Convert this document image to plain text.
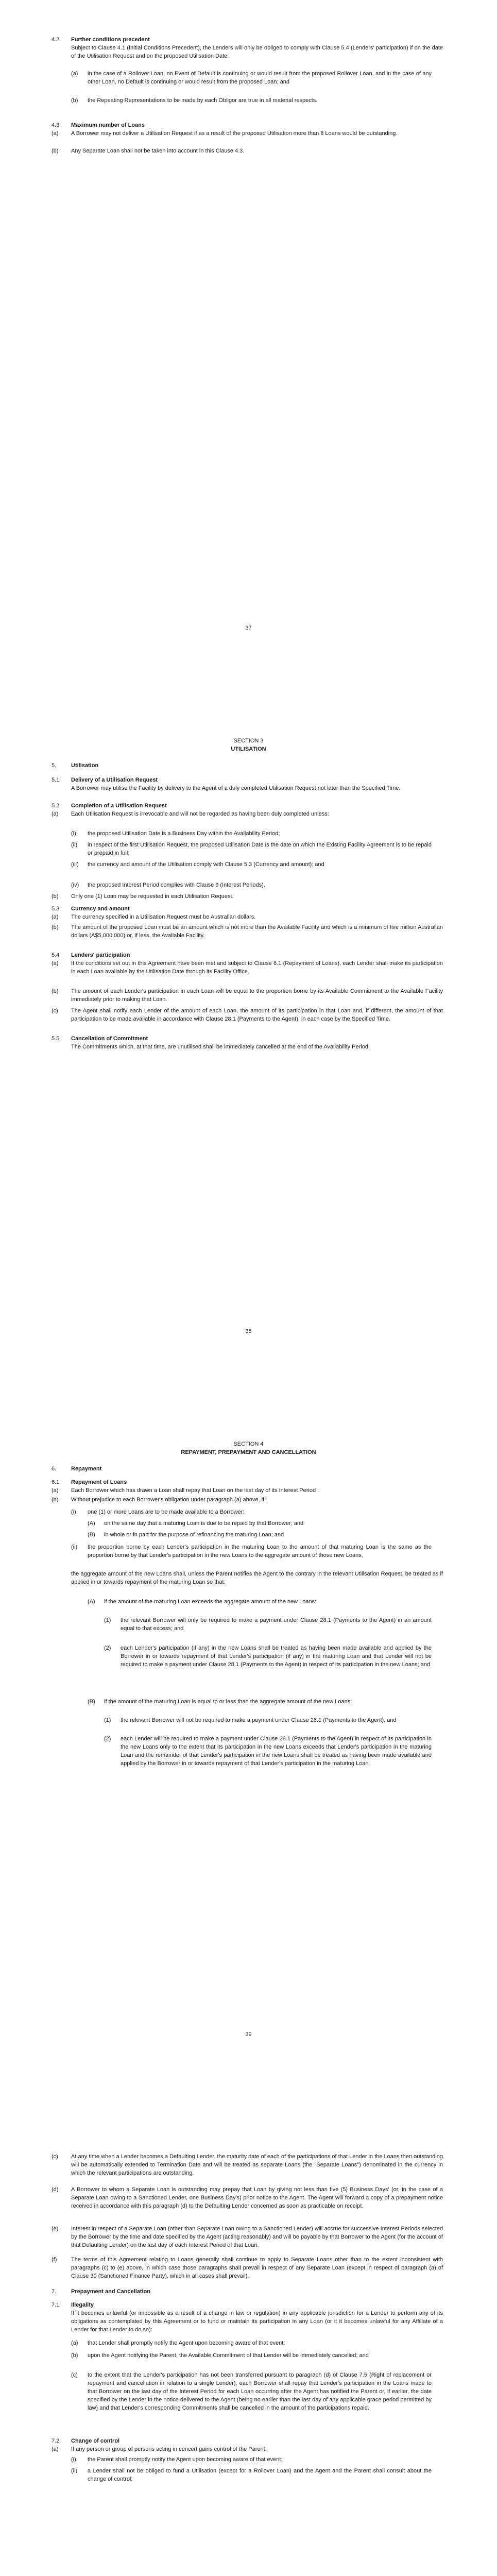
4.2	Further conditions precedent
Subject to Clause 4.1 (Initial Conditions Precedent), the Lenders will only be obliged to comply with Clause 5.4 (Lenders' participation) if on the date of the Utilisation Request and on the proposed Utilisation Date:
(a)	in the case of a Rollover Loan, no Event of Default is continuing or would result from the proposed Rollover Loan, and in the case of any other Loan, no Default is continuing or would result from the proposed Loan; and
(b)	the Repeating Representations to be made by each Obligor are true in all material respects.
4.3	Maximum number of Loans
(a)	A Borrower may not deliver a Utilisation Request if as a result of the proposed Utilisation more than 8 Loans would be outstanding.
(b)	Any Separate Loan shall not be taken into account in this Clause 4.3.
37
SECTION 3
UTILISATION
5.	Utilisation
5.1	Delivery of a Utilisation Request
A Borrower may utilise the Facility by delivery to the Agent of a duly completed Utilisation Request not later than the Specified Time.
5.2	Completion of a Utilisation Request
(a)	Each Utilisation Request is irrevocable and will not be regarded as having been duly completed unless:
(i)	the proposed Utilisation Date is a Business Day within the Availability Period;
(ii)	in respect of the first Utilisation Request, the proposed Utilisation Date is the date on which the Existing Facility Agreement is to be repaid or prepaid in full;
(iii)	the currency and amount of the Utilisation comply with Clause 5.3 (Currency and amount); and
(iv)	the proposed Interest Period complies with Clause 9 (Interest Periods).
(b)	Only one (1) Loan may be requested in each Utilisation Request.
5.3	Currency and amount
(a)	The currency specified in a Utilisation Request must be Australian dollars.
(b)	The amount of the proposed Loan must be an amount which is not more than the Available Facility and which is a minimum of five million Australian dollars (A$5,000,000) or, if less, the Available Facility.
5.4	Lenders' participation
(a)	If the conditions set out in this Agreement have been met and subject to Clause 6.1 (Repayment of Loans), each Lender shall make its participation in each Loan available by the Utilisation Date through its Facility Office.
(b)	The amount of each Lender's participation in each Loan will be equal to the proportion borne by its Available Commitment to the Available Facility immediately prior to making that Loan.
(c)	The Agent shall notify each Lender of the amount of each Loan, the amount of its participation in that Loan and, if different, the amount of that participation to be made available in accordance with Clause 28.1 (Payments to the Agent), in each case by the Specified Time.
5.5	Cancellation of Commitment
The Commitments which, at that time, are unutilised shall be immediately cancelled at the end of the Availability Period.
38
SECTION 4
REPAYMENT, PREPAYMENT AND CANCELLATION
6.	Repayment
6.1	Repayment of Loans
(a)	Each Borrower which has drawn a Loan shall repay that Loan on the last day of its Interest Period .
(b)	Without prejudice to each Borrower's obligation under paragraph (a) above, if:
(i)	one (1) or more Loans are to be made available to a Borrower:
(A)	on the same day that a maturing Loan is due to be repaid by that Borrower; and
(B)	in whole or in part for the purpose of refinancing the maturing Loan; and
(ii)	the proportion borne by each Lender's participation in the maturing Loan to the amount of that maturing Loan is the same as the proportion borne by that Lender's participation in the new Loans to the aggregate amount of those new Loans,
the aggregate amount of the new Loans shall, unless the Parent notifies the Agent to the contrary in the relevant Utilisation Request, be treated as if applied in or towards repayment of the maturing Loan so that:
(A)	if the amount of the maturing Loan exceeds the aggregate amount of the new Loans:
(1)	the relevant Borrower will only be required to make a payment under Clause 28.1 (Payments to the Agent) in an amount equal to that excess; and
(2)	each Lender's participation (if any) in the new Loans shall be treated as having been made available and applied by the Borrower in or towards repayment of that Lender's participation (if any) in the maturing Loan and that Lender will not be required to make a payment under Clause 28.1 (Payments to the Agent) in respect of its participation in the new Loans; and
(B)	if the amount of the maturing Loan is equal to or less than the aggregate amount of the new Loans:
(1)	the relevant Borrower will not be required to make a payment under Clause 28.1 (Payments to the Agent); and
(2)	each Lender will be required to make a payment under Clause 28.1 (Payments to the Agent) in respect of its participation in the new Loans only to the extent that its participation in the new Loans exceeds that Lender's participation in the maturing Loan and the remainder of that Lender's participation in the new Loans shall be treated as having been made available and applied by the Borrower in or towards repayment of that Lender's participation in the maturing Loan.
39
(c)	At any time when a Lender becomes a Defaulting Lender, the maturity date of each of the participations of that Lender in the Loans then outstanding will be automatically extended to Termination Date and will be treated as separate Loans (the "Separate Loans") denominated in the currency in which the relevant participations are outstanding.
(d)	A Borrower to whom a Separate Loan is outstanding may prepay that Loan by giving not less than five (5) Business Days' (or, in the case of a Separate Loan owing to a Sanctioned Lender, one Business Day's) prior notice to the Agent. The Agent will forward a copy of a prepayment notice received in accordance with this paragraph (d) to the Defaulting Lender concerned as soon as practicable on receipt.
(e)	Interest in respect of a Separate Loan (other than Separate Loan owing to a Sanctioned Lender) will accrue for successive Interest Periods selected by the Borrower by the time and date specified by the Agent (acting reasonably) and will be payable by that Borrower to the Agent (for the account of that Defaulting Lender) on the last day of each Interest Period of that Loan.
(f)	The terms of this Agreement relating to Loans generally shall continue to apply to Separate Loans other than to the extent inconsistent with paragraphs (c) to (e) above, in which case those paragraphs shall prevail in respect of any Separate Loan (except in respect of paragraph (a) of Clause 30 (Sanctioned Finance Party), which in all cases shall prevail).
7.	Prepayment and Cancellation
7.1	Illegality
If it becomes unlawful (or impossible as a result of a change in law or regulation) in any applicable jurisdiction for a Lender to perform any of its obligations as contemplated by this Agreement or to fund or maintain its participation in any Loan (or it it becomes unlawful for any Affiliate of a Lender for that Lender to do so):
(a)	that Lender shall promptly notify the Agent upon becoming aware of that event;
(b)	upon the Agent notifying the Parent, the Available Commitment of that Lender will be immediately cancelled; and
(c)	to the extent that the Lender's participation has not been transferred pursuant to paragraph (d) of Clause 7.5 (Right of replacement or repayment and cancellation in relation to a single Lender), each Borrower shall repay that Lender's participation in the Loans made to that Borrower on the last day of the Interest Period for each Loan occurring after the Agent has notified the Parent or, if earlier, the date specified by the Lender in the notice delivered to the Agent (being no earlier than the last day of any applicable grace period permitted by law) and that Lender's corresponding Commitments shall be cancelled in the amount of the participations repaid.
7.2	Change of control
(a)	If any person or group of persons acting in concert gains control of the Parent:
(i)	the Parent shall promptly notify the Agent upon becoming aware of that event;
(ii)	a Lender shall not be obliged to fund a Utilisation (except for a Rollover Loan) and the Agent and the Parent shall consult about the change of control;
